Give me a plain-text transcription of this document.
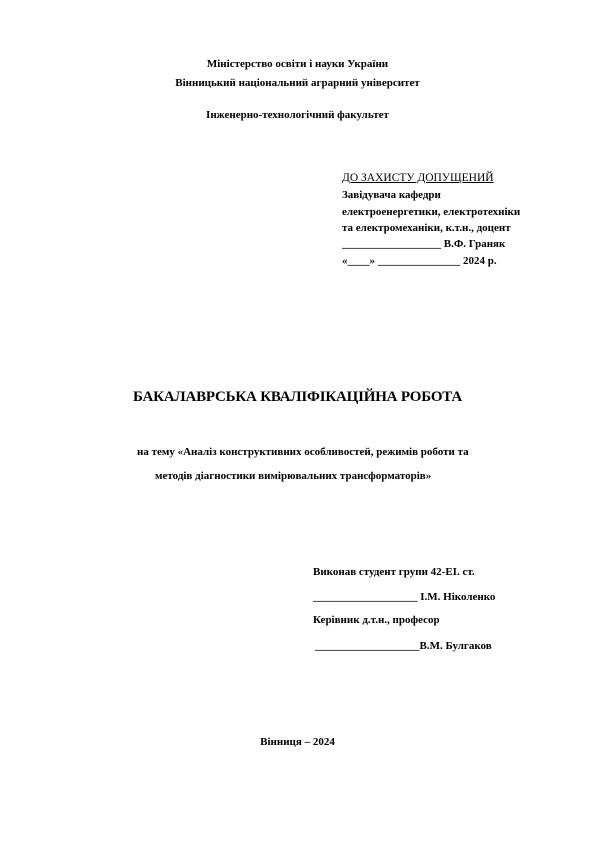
Міністерство освіти і науки України
Вінницький національний аграрний університет
Інженерно-технологічний факультет
ДО ЗАХИСТУ ДОПУЩЕНИЙ
Завідувача кафедри
електроенергетики, електротехніки
та електромеханіки, к.т.н., доцент
__________________ В.Ф. Граняк
«____» _______________ 2024 р.
БАКАЛАВРСЬКА КВАЛІФІКАЦІЙНА РОБОТА
на тему «Аналіз конструктивних особливостей, режимів роботи та
методів діагностики вимірювальних трансформаторів»
Виконав студент групи 42-ЕІ. ст.
___________________ І.М. Ніколенко
Керівник д.т.н., професор
___________________В.М. Булгаков
Вінниця – 2024
